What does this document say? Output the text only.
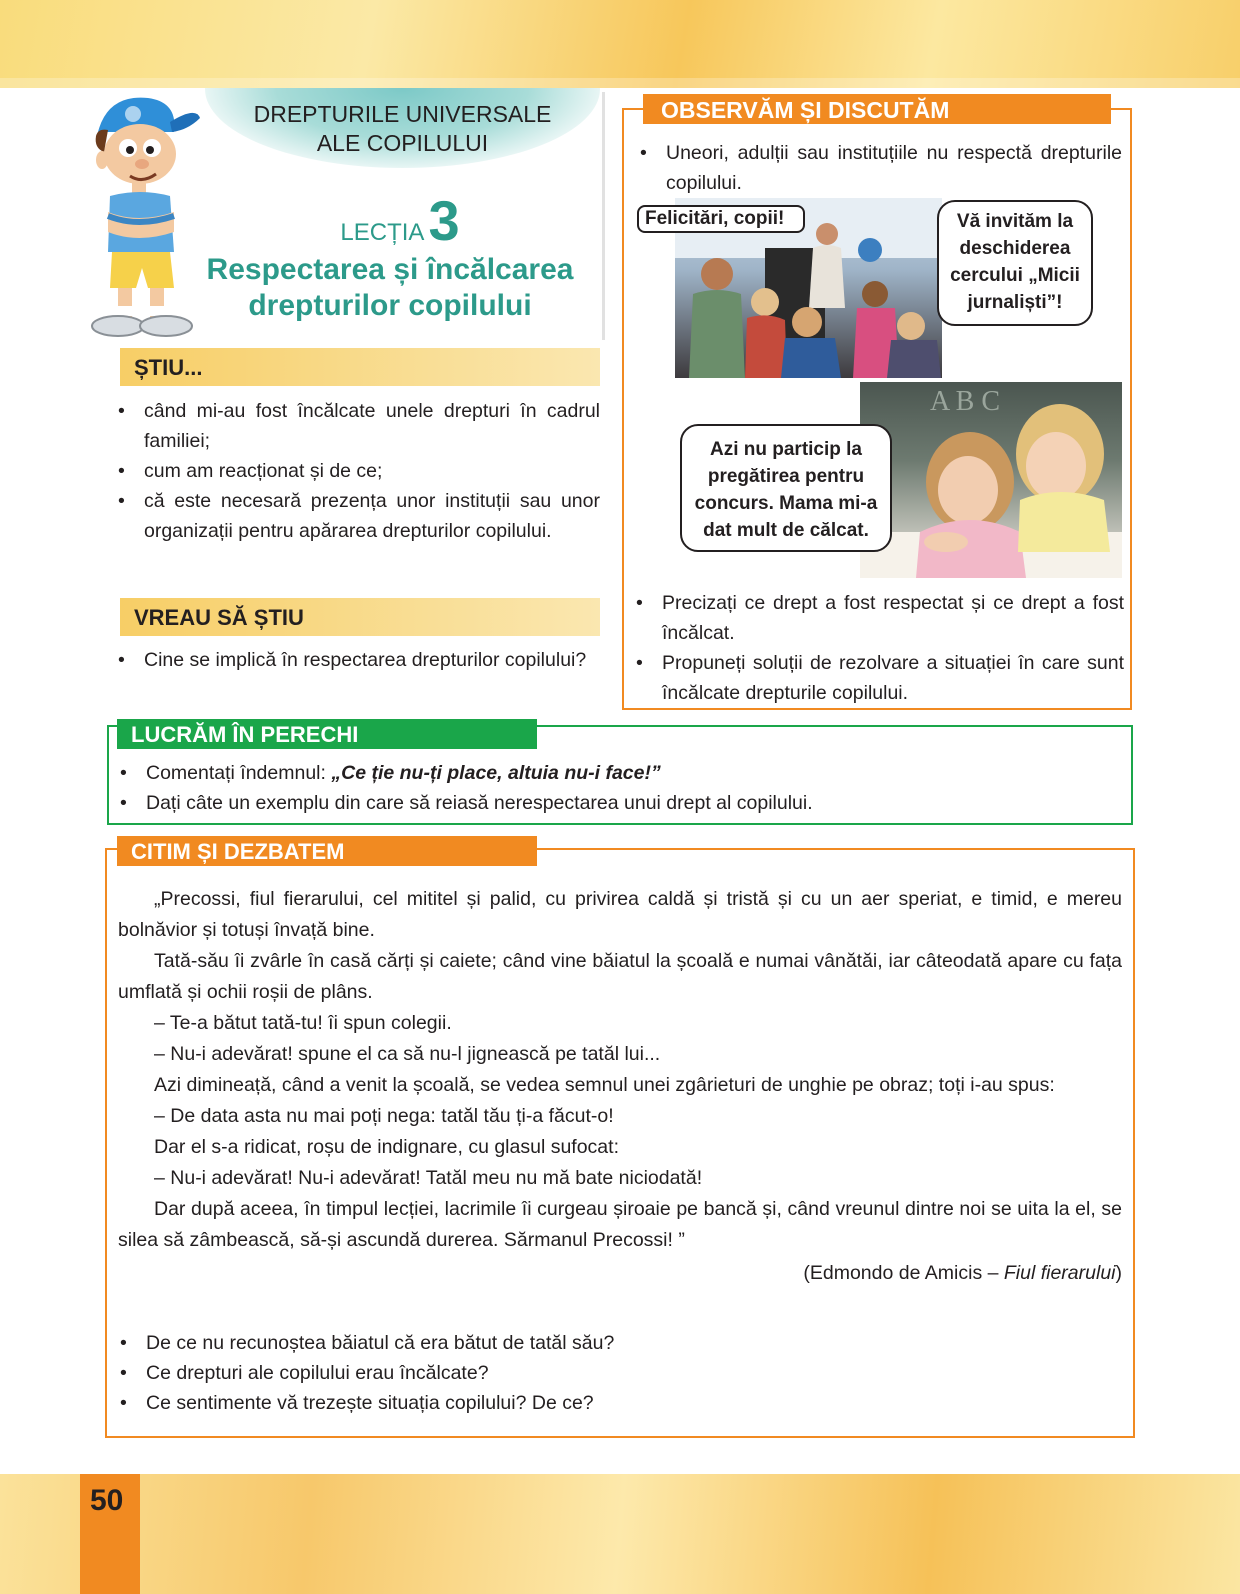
50
DREPTURILE UNIVERSALE
ALE COPILULUI
LECȚIA3
Respectarea și încălcarea
drepturilor copilului
ȘTIU...
• când mi-au fost încălcate unele drepturi în cadrul familiei;
• cum am reacționat și de ce;
• că este necesară prezența unor instituții sau unor organizații pentru apărarea drepturilor copilului.
VREAU SĂ ȘTIU
• Cine se implică în respectarea drepturilor copilului?
OBSERVĂM ȘI DISCUTĂM
• Uneori, adulții sau instituțiile nu respectă drepturile copilului.
Felicitări, copii!	Vă invităm la
deschiderea
cercului „Micii
jurnaliști”!
A B C
Azi nu particip la
pregătirea pentru
concurs. Mama mi-a
dat mult de călcat.
• Precizați ce drept a fost respectat și ce drept a fost încălcat.
• Propuneți soluții de rezolvare a situației în care sunt încălcate drepturile copilului.
LUCRĂM ÎN PERECHI
• Comentați îndemnul: „Ce ție nu-ți place, altuia nu-i face!”
• Dați câte un exemplu din care să reiasă nerespectarea unui drept al copilului.
CITIM ȘI DEZBATEM

„Precossi, fiul fierarului, cel mititel și palid, cu privirea caldă și tristă și cu un aer speriat, e timid, e mereu bolnăvior și totuși învață bine.

Tată-său îi zvârle în casă cărți și caiete; când vine băiatul la școală e numai vânătăi, iar câteodată apare cu fața umflată și ochii roșii de plâns.

– Te-a bătut tată-tu! îi spun colegii.

– Nu-i adevărat! spune el ca să nu-l jignească pe tatăl lui...

Azi dimineață, când a venit la școală, se vedea semnul unei zgârieturi de unghie pe obraz; toți i-au spus:

– De data asta nu mai poți nega: tatăl tău ți-a făcut-o!

Dar el s-a ridicat, roșu de indignare, cu glasul sufocat:

– Nu-i adevărat! Nu-i adevărat! Tatăl meu nu mă bate niciodată!

Dar după aceea, în timpul lecției, lacrimile îi curgeau șiroaie pe bancă și, când vreunul dintre noi se uita la el, se silea să zâmbească, să-și ascundă durerea. Sărmanul Precossi! ”

(Edmondo de Amicis – Fiul fierarului)

• De ce nu recunoștea băiatul că era bătut de tatăl său?
• Ce drepturi ale copilului erau încălcate?
• Ce sentimente vă trezește situația copilului? De ce?
